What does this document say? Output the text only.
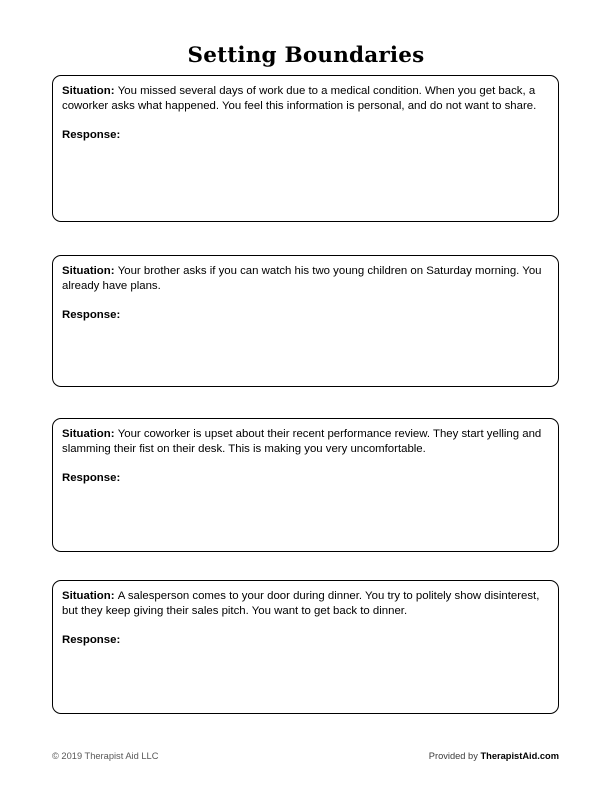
Setting Boundaries

Situation: You missed several days of work due to a medical condition. When you get back, a coworker asks what happened. You feel this information is personal, and do not want to share.

Response:

Situation: Your brother asks if you can watch his two young children on Saturday morning. You already have plans.

Response:

Situation: Your coworker is upset about their recent performance review. They start yelling and slamming their fist on their desk. This is making you very uncomfortable.

Response:

Situation: A salesperson comes to your door during dinner. You try to politely show disinterest, but they keep giving their sales pitch. You want to get back to dinner.

Response:

© 2019 Therapist Aid LLC	Provided by TherapistAid.com
